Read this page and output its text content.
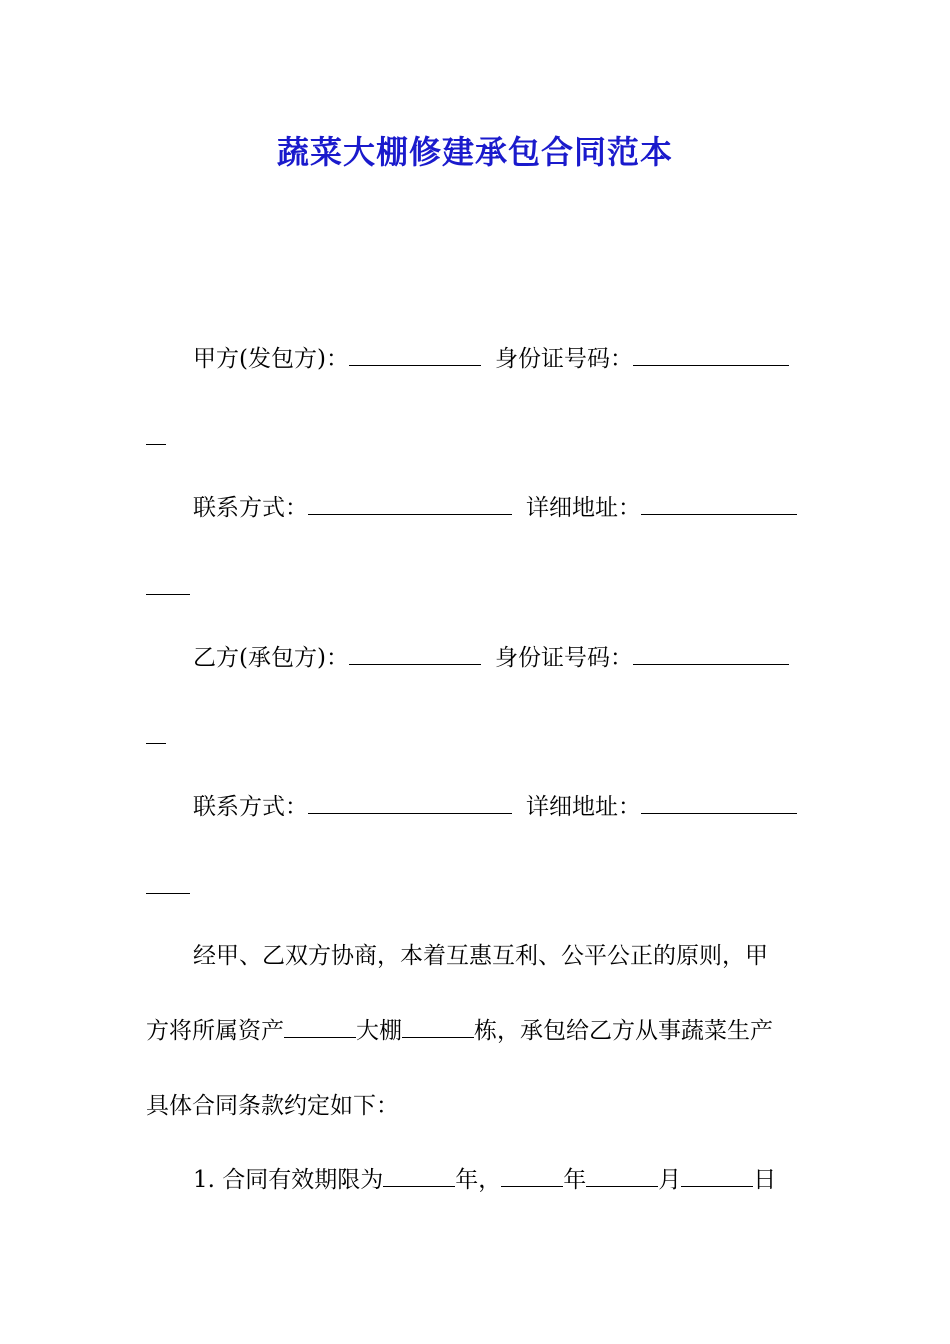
蔬菜大棚修建承包合同范本
甲方(发包方)：	身份证号码：
联系方式：	详细地址：
乙方(承包方)：	身份证号码：
联系方式：	详细地址：
经甲、乙双方协商，本着互惠互利、公平公正的原则，甲
方将所属资产	大棚	栋，承包给乙方从事蔬菜生产
具体合同条款约定如下：
1. 合同有效期限为	年，	年	月	日
